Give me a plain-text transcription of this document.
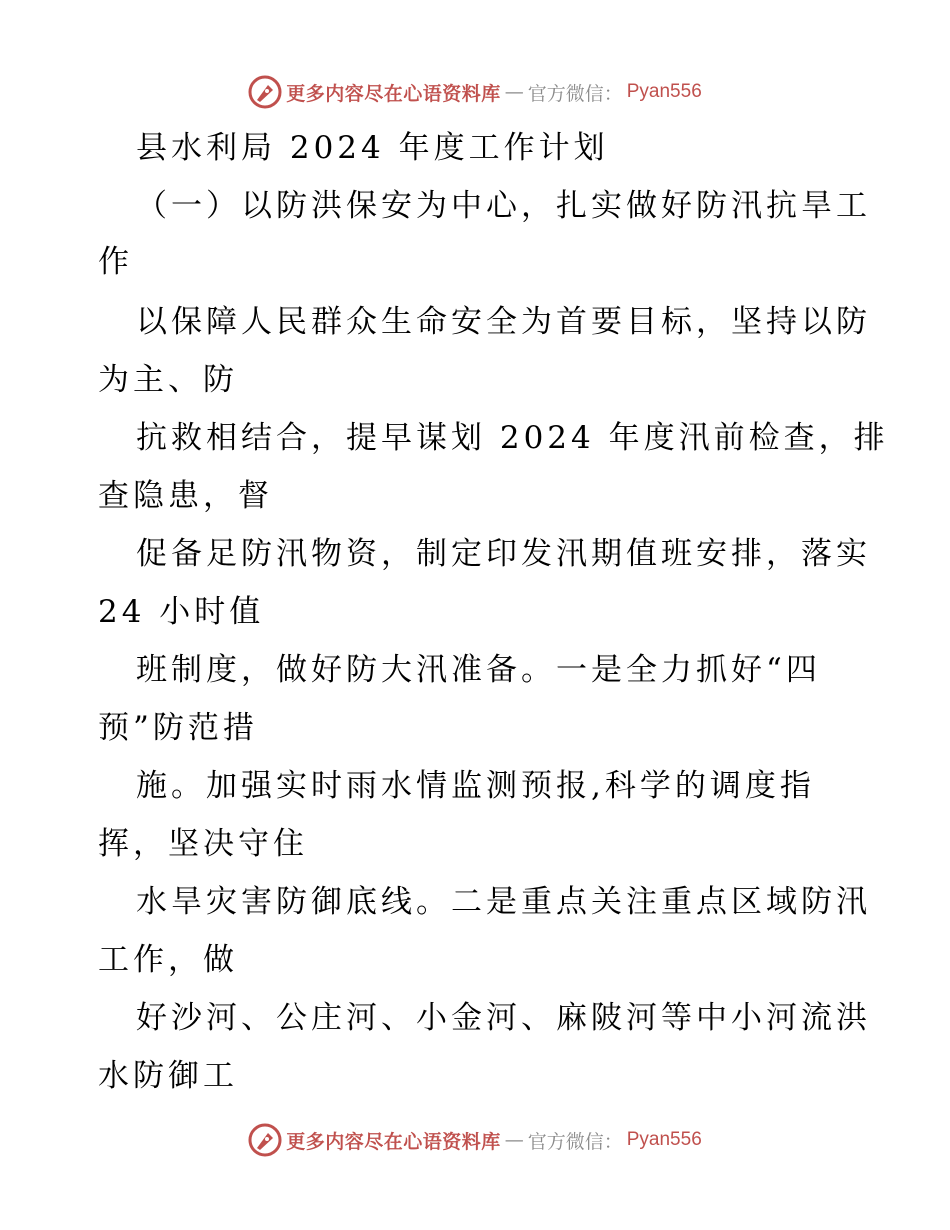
更多内容尽在心语资料库 — 官方微信： Pyan556
县水利局 2024 年度工作计划
（一）以防洪保安为中心，扎实做好防汛抗旱工
作
以保障人民群众生命安全为首要目标，坚持以防
为主、防
抗救相结合，提早谋划 2024 年度汛前检查，排
查隐患，督
促备足防汛物资，制定印发汛期值班安排，落实
24 小时值
班制度，做好防大汛准备。一是全力抓好“四
预”防范措
施。加强实时雨水情监测预报,科学的调度指
挥，坚决守住
水旱灾害防御底线。二是重点关注重点区域防汛
工作，做
好沙河、公庄河、小金河、麻陂河等中小河流洪
水防御工
更多内容尽在心语资料库 — 官方微信： Pyan556
